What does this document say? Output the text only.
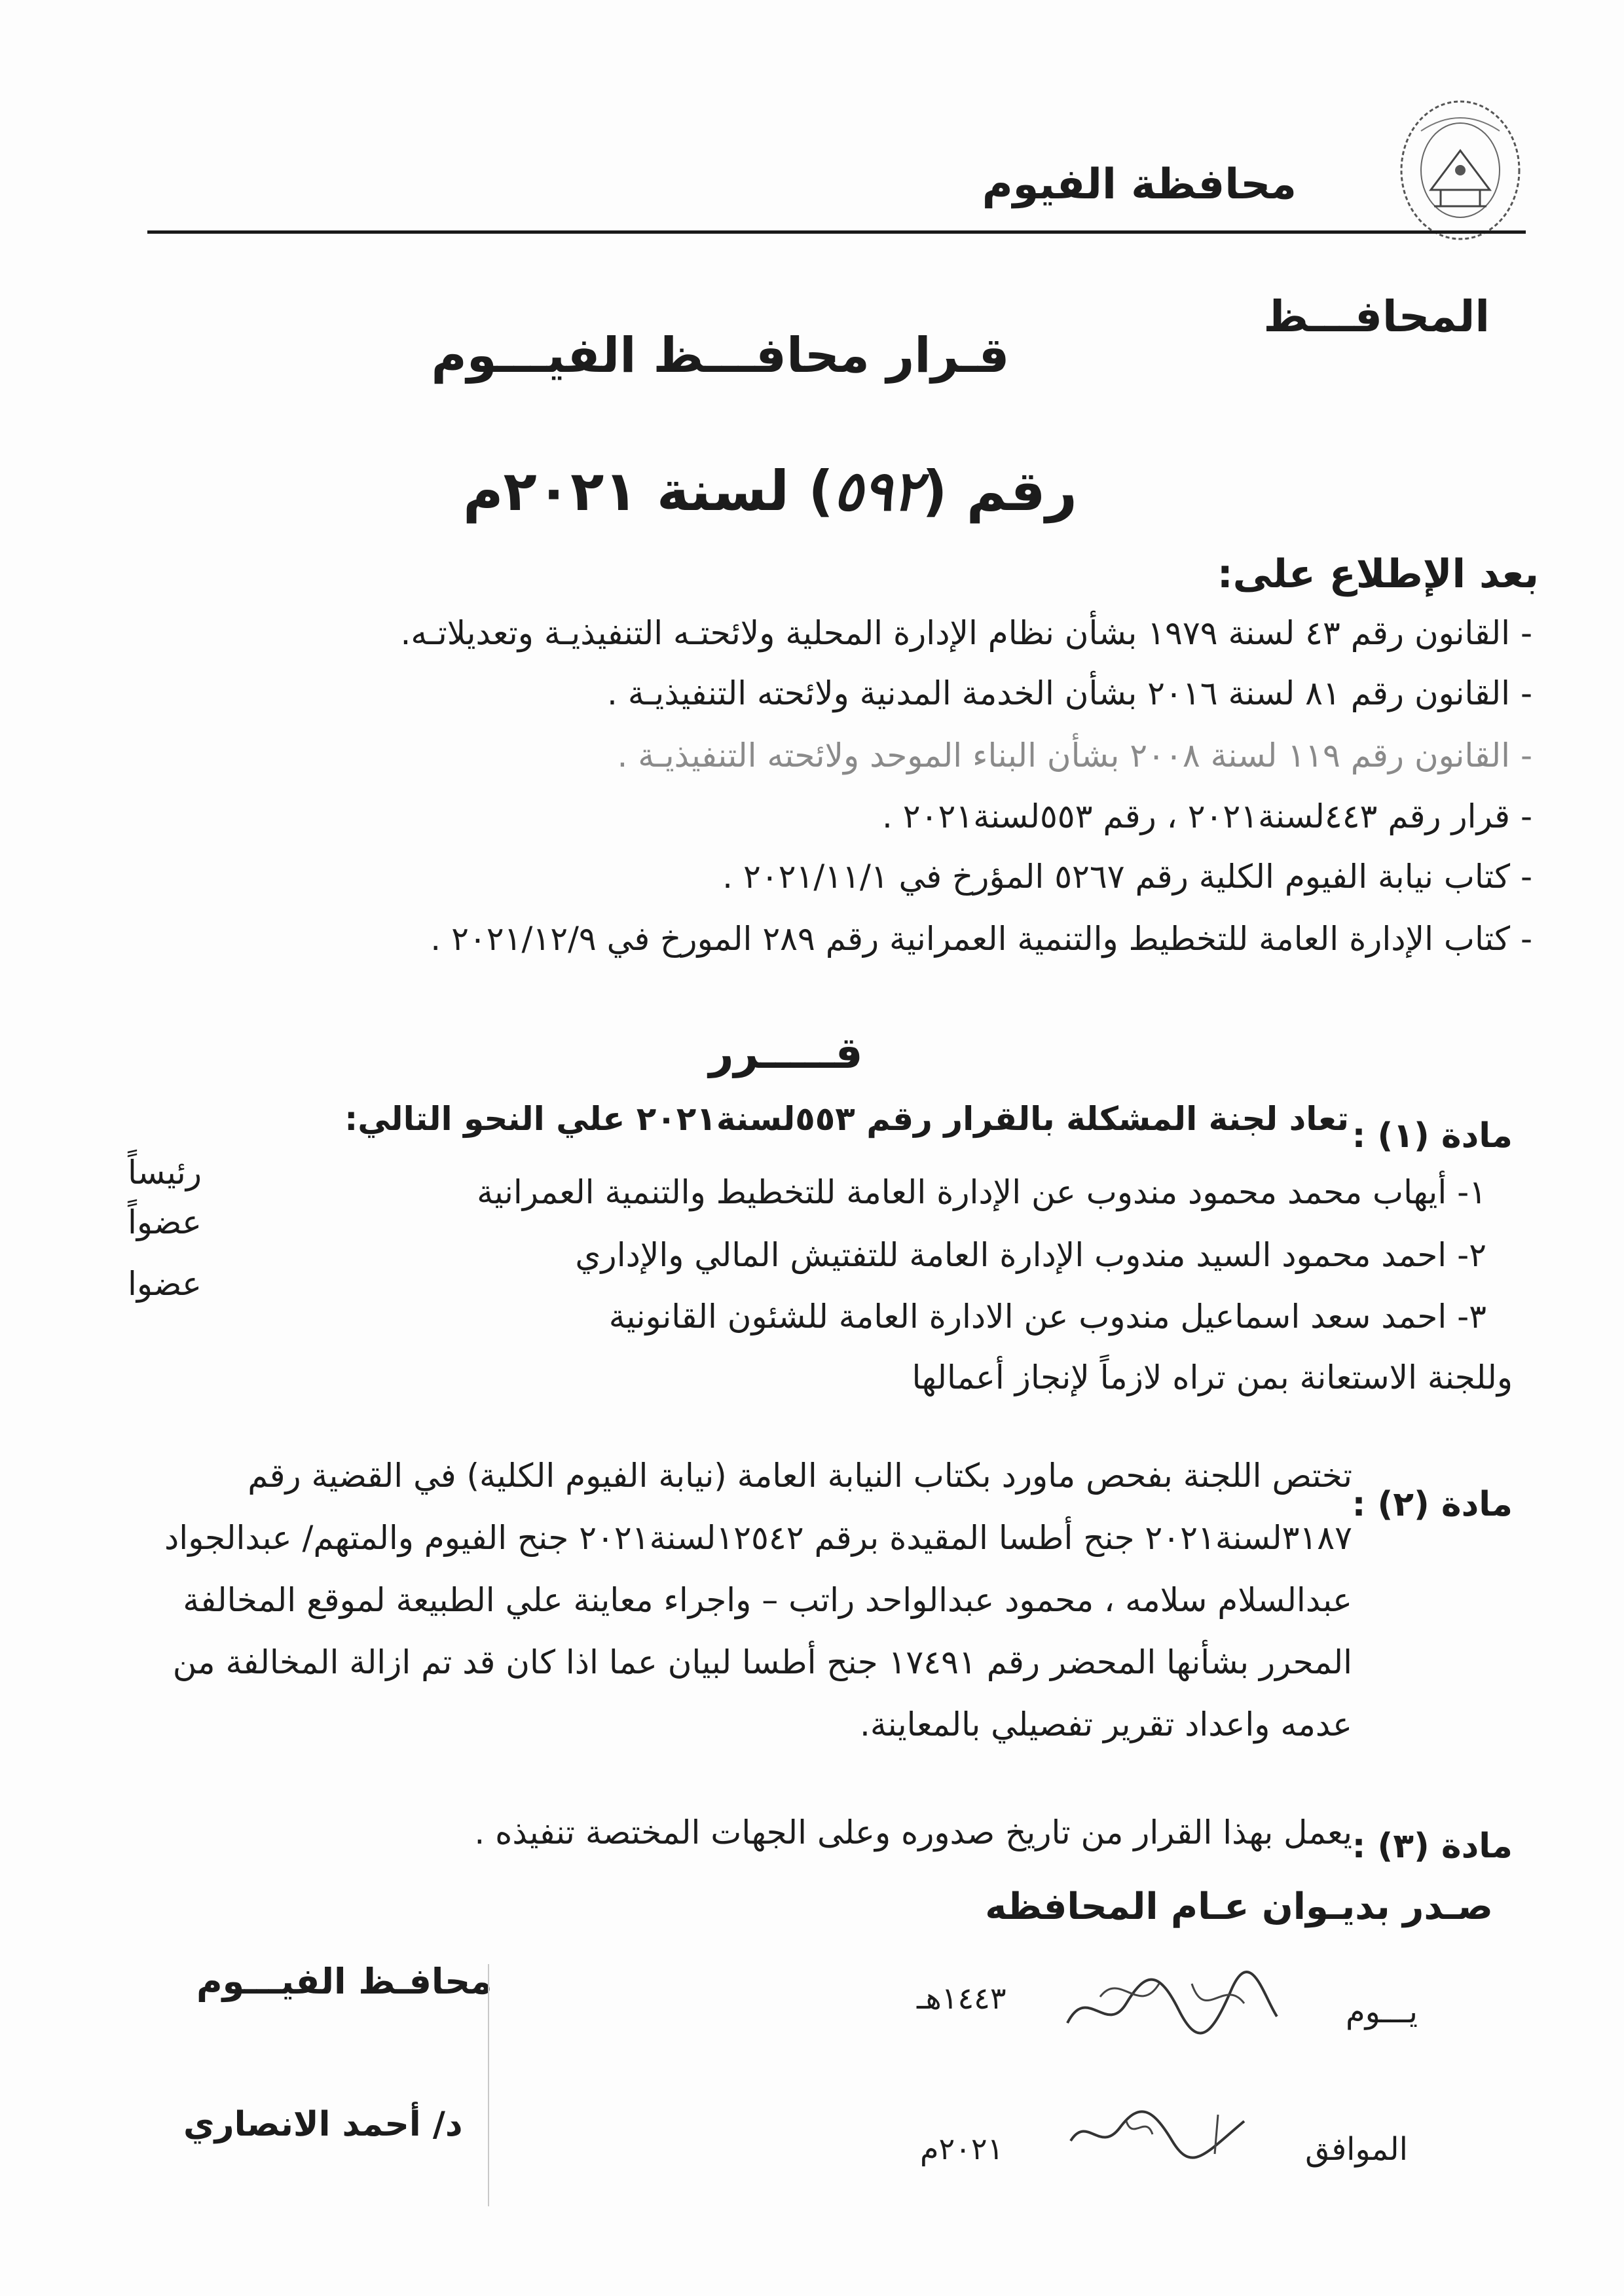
محافظة الفيوم
المحافـــظ
قـرار محافـــظ الفيـــوم
رقم (٥٩٢) لسنة ٢٠٢١م
بعد الإطلاع على:
- القانون رقم ٤٣ لسنة ١٩٧٩ بشأن نظام الإدارة المحلية ولائحتـه التنفيذيـة وتعديلاتـه.
- القانون رقم ٨١ لسنة ٢٠١٦ بشأن الخدمة المدنية ولائحته التنفيذيـة .
- القانون رقم ١١٩ لسنة ٢٠٠٨ بشأن البناء الموحد ولائحته التنفيذيـة .
- قرار رقم ٤٤٣لسنة٢٠٢١ ، رقم ٥٥٣لسنة٢٠٢١ .
- كتاب نيابة الفيوم الكلية رقم ٥٢٦٧ المؤرخ في ٢٠٢١/١١/١ .
- كتاب الإدارة العامة للتخطيط والتنمية العمرانية رقم ٢٨٩ المورخ في ٢٠٢١/١٢/٩ .
قـــــرر
مادة (١) :
تعاد لجنة المشكلة بالقرار رقم ٥٥٣لسنة٢٠٢١ علي النحو التالي:
١- أيهاب محمد محمود مندوب عن الإدارة العامة للتخطيط والتنمية العمرانية
رئيساً
٢- احمد محمود السيد مندوب الإدارة العامة للتفتيش المالي والإداري
عضواً
٣- احمد سعد اسماعيل مندوب عن الادارة العامة للشئون القانونية
عضوا
وللجنة الاستعانة بمن تراه لازماً لإنجاز أعمالها
مادة (٢) :
تختص اللجنة بفحص ماورد بكتاب النيابة العامة (نيابة الفيوم الكلية) في القضية رقم
٣١٨٧لسنة٢٠٢١ جنح أطسا المقيدة برقم ١٢٥٤٢لسنة٢٠٢١ جنح الفيوم والمتهم/ عبدالجواد
عبدالسلام سلامه ، محمود عبدالواحد راتب – واجراء معاينة علي الطبيعة لموقع المخالفة
المحرر بشأنها المحضر رقم ١٧٤٩١ جنح أطسا لبيان عما اذا كان قد تم ازالة المخالفة من
عدمه واعداد تقرير تفصيلي بالمعاينة.
مادة (٣) :
يعمل بهذا القرار من تاريخ صدوره وعلى الجهات المختصة تنفيذه .
صـدر بديـوان عـام المحافظه
محافـظ الفيـــوم
د/ أحمد الانصاري
يـــوم
١٤٤٣هـ
الموافق
٢٠٢١م
